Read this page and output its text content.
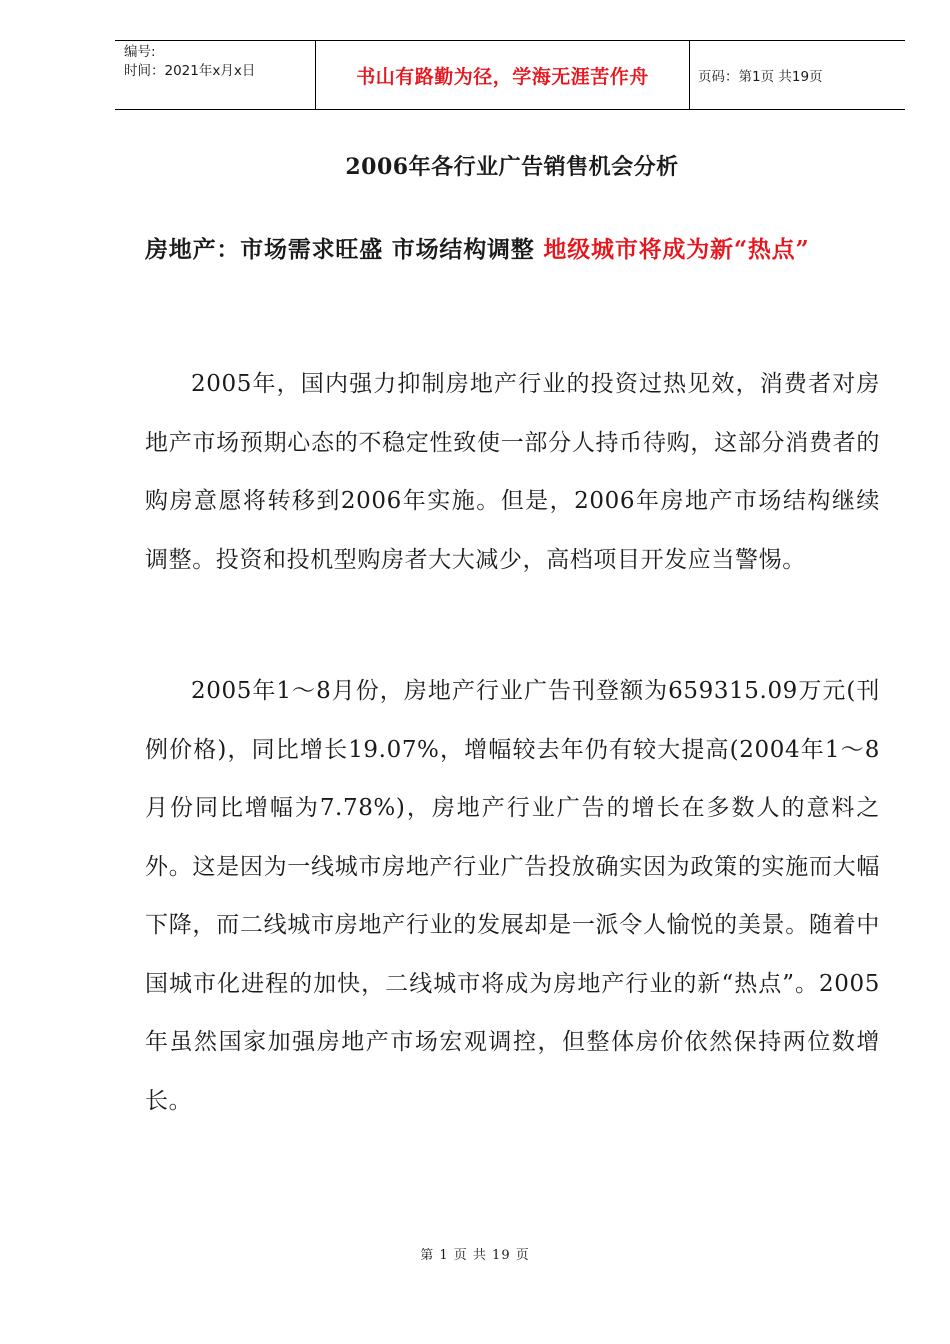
编号:
时间：2021年x月x日	书山有路勤为径，学海无涯苦作舟	页码：第1页 共19页
2006年各行业广告销售机会分析
房地产：市场需求旺盛 市场结构调整 地级城市将成为新“热点”
2005年，国内强力抑制房地产行业的投资过热见效，消费者对房地产市场预期心态的不稳定性致使一部分人持币待购，这部分消费者的购房意愿将转移到2006年实施。但是，2006年房地产市场结构继续调整。投资和投机型购房者大大减少，高档项目开发应当警惕。
2005年1～8月份，房地产行业广告刊登额为659315.09万元(刊例价格)，同比增长19.07%，增幅较去年仍有较大提高(2004年1～8月份同比增幅为7.78%)，房地产行业广告的增长在多数人的意料之外。这是因为一线城市房地产行业广告投放确实因为政策的实施而大幅下降，而二线城市房地产行业的发展却是一派令人愉悦的美景。随着中国城市化进程的加快，二线城市将成为房地产行业的新“热点”。2005年虽然国家加强房地产市场宏观调控，但整体房价依然保持两位数增长。
第 1 页 共 19 页
